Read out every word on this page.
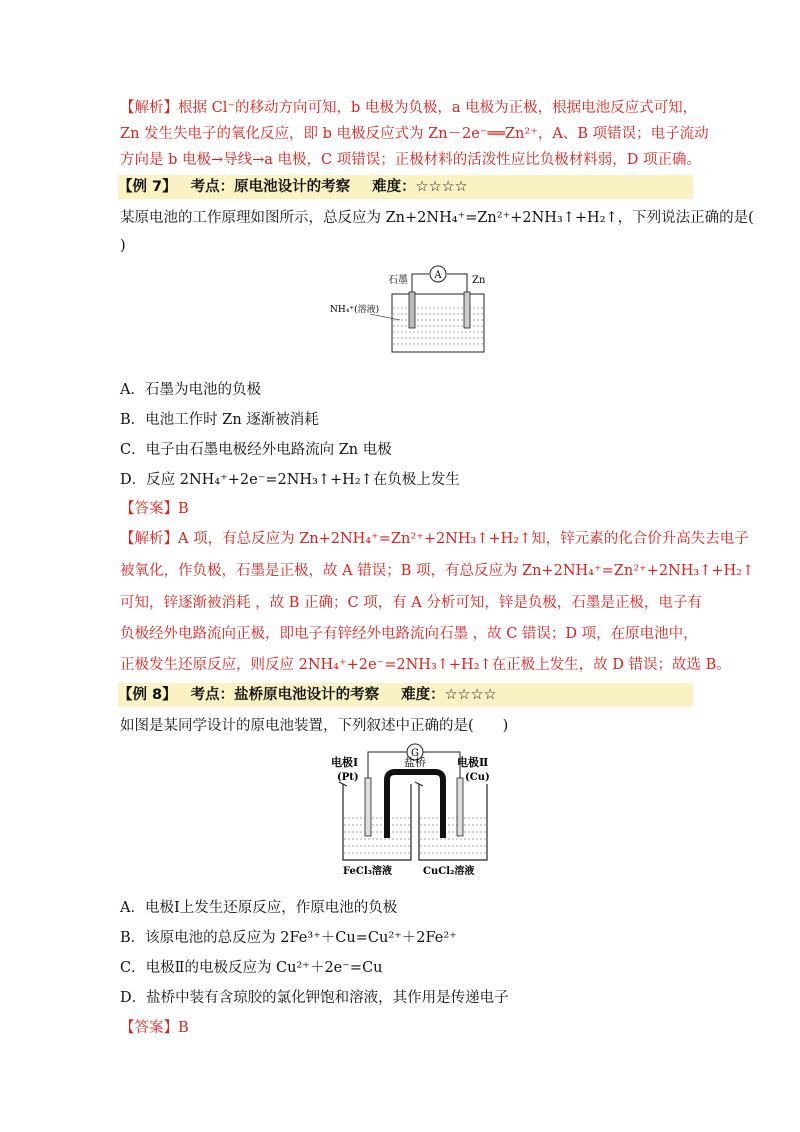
【解析】根据 Cl⁻的移动方向可知，b 电极为负极，a 电极为正极，根据电池反应式可知，
Zn 发生失电子的氧化反应，即 b 电极反应式为 Zn－2e⁻══Zn²⁺，A、B 项错误；电子流动
方向是 b 电极→导线→a 电极，C 项错误；正极材料的活泼性应比负极材料弱，D 项正确。
【例 7】 考点：原电池设计的考察 难度：☆☆☆☆
某原电池的工作原理如图所示，总反应为 Zn+2NH₄⁺=Zn²⁺+2NH₃↑+H₂↑，下列说法正确的是(
)
A
石墨	Zn
NH₄⁺(溶液)
A．石墨为电池的负极
B．电池工作时 Zn 逐渐被消耗
C．电子由石墨电极经外电路流向 Zn 电极
D．反应 2NH₄⁺+2e⁻=2NH₃↑+H₂↑在负极上发生
【答案】B
【解析】A 项，有总反应为 Zn+2NH₄⁺=Zn²⁺+2NH₃↑+H₂↑知，锌元素的化合价升高失去电子
被氧化，作负极，石墨是正极，故 A 错误；B 项，有总反应为 Zn+2NH₄⁺=Zn²⁺+2NH₃↑+H₂↑
可知，锌逐渐被消耗 ，故 B 正确；C 项，有 A 分析可知，锌是负极，石墨是正极，电子有
负极经外电路流向正极，即电子有锌经外电路流向石墨 ，故 C 错误；D 项，在原电池中，
正极发生还原反应，则反应 2NH₄⁺+2e⁻=2NH₃↑+H₂↑在正极上发生，故 D 错误；故选 B。
【例 8】 考点：盐桥原电池设计的考察 难度：☆☆☆☆
如图是某同学设计的原电池装置，下列叙述中正确的是(　　)
G
盐桥
电极Ⅰ
(Pt)
电极Ⅱ
(Cu)
FeCl₃溶液	CuCl₂溶液
A．电极Ⅰ上发生还原反应，作原电池的负极
B．该原电池的总反应为 2Fe³⁺＋Cu=Cu²⁺＋2Fe²⁺
C．电极Ⅱ的电极反应为 Cu²⁺＋2e⁻=Cu
D．盐桥中装有含琼胶的氯化钾饱和溶液，其作用是传递电子
【答案】B
